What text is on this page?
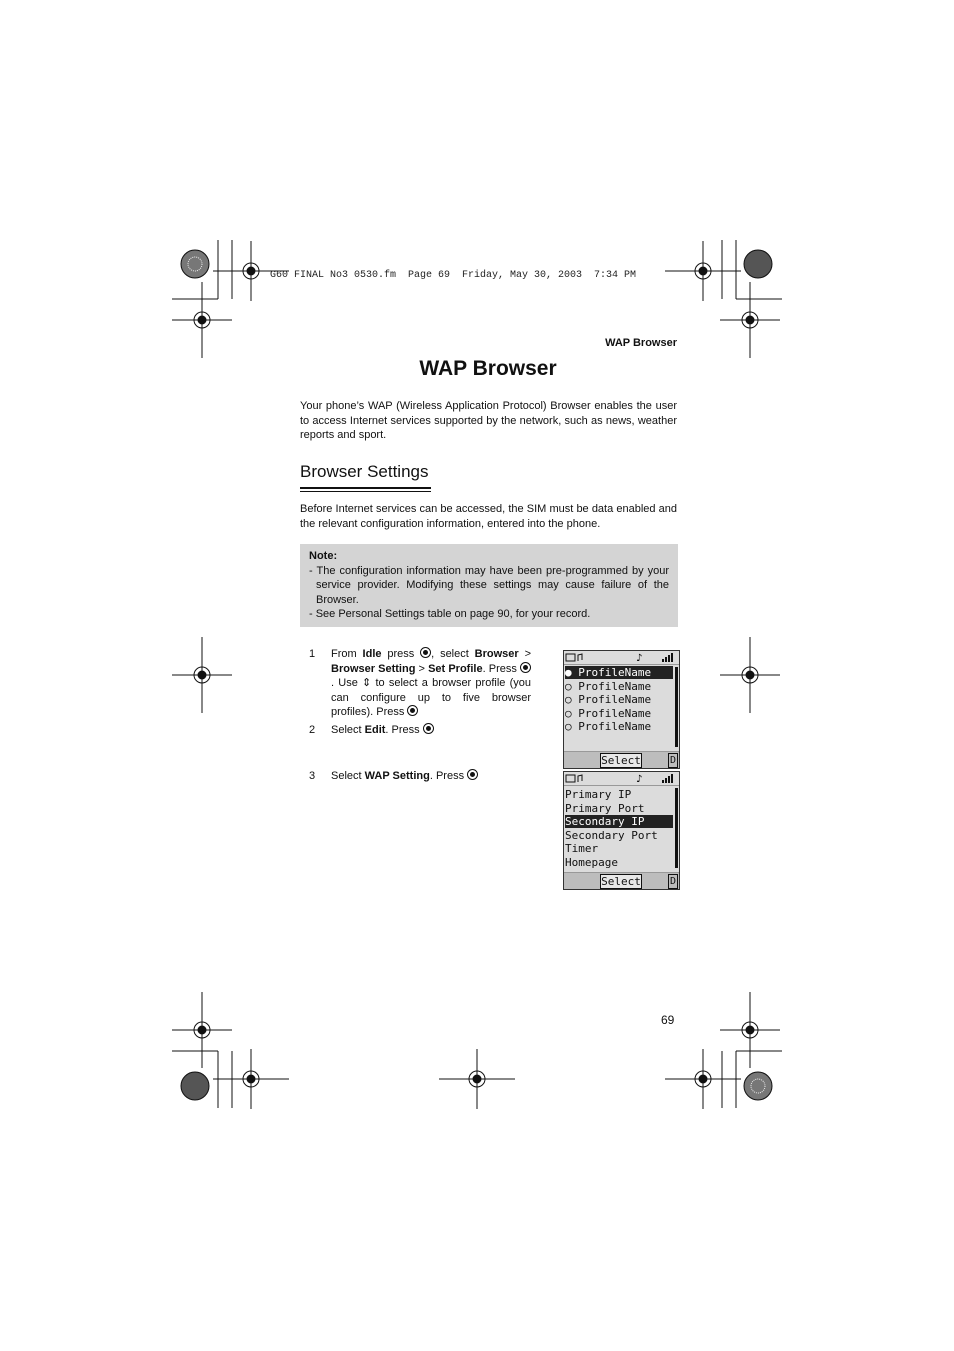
G60 FINAL No3 0530.fm  Page 69  Friday, May 30, 2003  7:34 PM
WAP Browser
WAP Browser
Your phone’s WAP (Wireless Application Protocol) Browser enables the user to access Internet services supported by the network, such as news, weather reports and sport.
Browser Settings
Before Internet services can be accessed, the SIM must be data enabled and the relevant configuration information, entered into the phone.
Note:
- The configuration information may have been pre-programmed by your service provider. Modifying these settings may cause failure of the Browser.
- See Personal Settings table on page 90, for your record.
1	From Idle press , select Browser > Browser Setting > Set Profile. Press . Use ⇕ to select a browser profile (you can configure up to five browser profiles). Press
2	Select Edit. Press
3	Select WAP Setting. Press
♪
● ProfileName
○ ProfileName
○ ProfileName
○ ProfileName
○ ProfileName
Select	D
♪
Primary IP
Primary Port
Secondary IP
Secondary Port
Timer
Homepage
Select	D
69
